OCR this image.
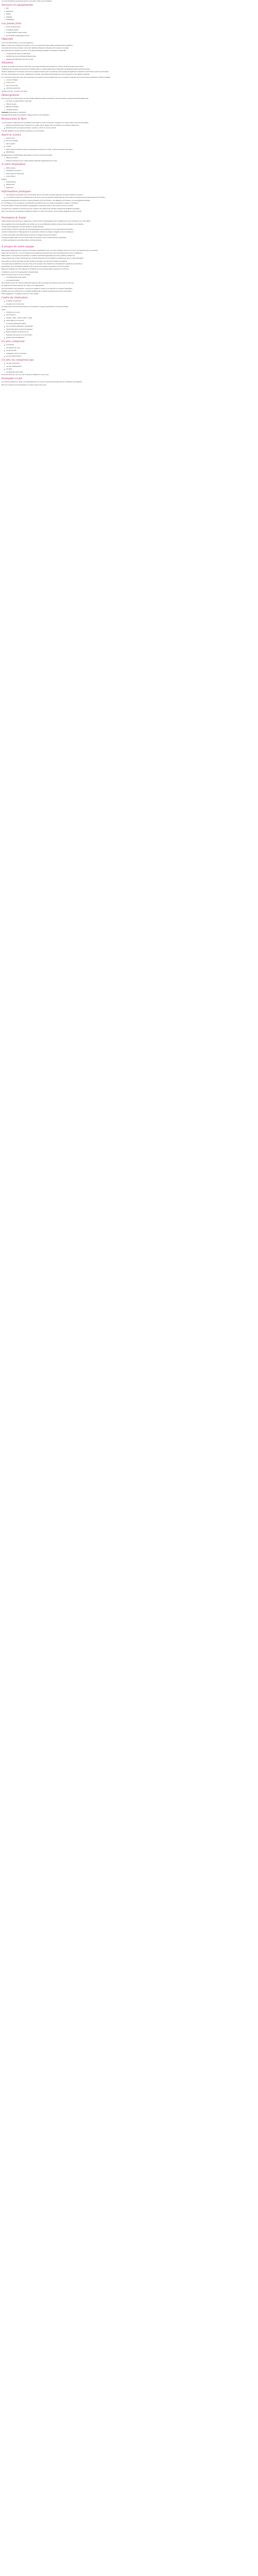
Ce cours fait partie du programme Lyceum. Ceci est le contenu pour formations.

Services et équipements
Wifi
Restaurant
Parking
Vestiaires
Climatisation
Les points forts
Cadre de travail serein
Formateurs experts
Groupes réduits en petit nombre
Documentation pédagogique remise
Objectifs

À la fin de cette formation, vous serez capable de :

Mettre en œuvre les compétences acquises au cours du module dans votre pratique professionnelle quotidienne.

Vous allez découvrir les principaux outils et les méthodes utilisées en entreprise afin de réussir vos projets.

Nous apprendrons ensemble à structurer votre démarche étape par étape et à anticiper les difficultés.

Comprendre les enjeux du sujet traité
Identifier les bonnes pratiques professionnelles
Appliquer les méthodes à des cas concrets
Situation

Le centre de formation est situé au centre-ville, à proximité immédiate des transports en commun et des principaux axes routiers.

Le bâtiment est accessible aux personnes à mobilité réduite. Un parking gratuit est à la disposition des stagiaires devant l'entrée principale.

Plusieurs restaurants et commerces se trouvent à quelques minutes à pied. Une salle de pause équipée est également à disposition durant toute la durée de la formation.

Pour plus d'informations sur l'accès, n'hésitez pas à contacter notre équipe administrative qui vous renseignera sur les meilleurs itinéraires.

En cas de besoin particulier, merci de nous prévenir au moment de votre inscription afin que nous puissions organiser votre accueil dans les meilleures conditions possibles.

Accès en tramway
Accès en bus
Gare à 10 minutes
Autoroute à proximité

Horaires d'accueil : du lundi au vendredi.

Hébergement

Nous pouvons vous communiquer une liste d'hôtels partenaires situés à proximité du lieu de formation, proposant des tarifs préférentiels.

Sur Ruthy, en partenariat au centre-ville
Hôtel de la gare
Résidence hôtelière
Chambres d'hôtes

Chambres disponibles sur réservation.

Renseignements auprès du secrétariat : l'équipe se tient à votre disposition.

Restaurants & Bars

Le midi, plusieurs restaurants sont accessibles à pied depuis le centre de formation, proposant une cuisine variée à des prix raisonnables.

Restaurant traditionnel avec formule du jour, entrée, plat et dessert, dans une ambiance conviviale et chaleureuse
Brasserie proche de la place principale, ouverte en continu du lundi au samedi

Une liste détaillée vous sera remise au premier jour de la formation.

Sport & Loisirs
Salle de sport
Piscine municipale
Parc et jardins
Cinéma
Randonnées et activités de plein air proposées aux alentours du centre, à découvrir pendant votre séjour
Médiathèque

Renseignements complémentaires disponibles à l'accueil du centre de formation.

Office de tourisme
Musées et patrimoine local, visites guidées organisées régulièrement par la ville
À votre disposition
Salle de pause
Distributeur de boissons
Photocopieur et imprimante
Accès internet

Matériel

Vidéoprojecteur
Tableau blanc
Paperboard
Informations pratiques
Les horaires de la formation sont communiqués dans la convocation envoyée quelques jours avant le début de la session.
La formation se déroule en présentiel, dans nos locaux, avec des groupes de petite taille afin de favoriser les échanges entre les participants et le formateur.

Les supports pédagogiques sont remis à chaque participant en fin de formation. Une attestation de formation vous sera également délivrée.

En cas d'absence, merci de prévenir le secrétariat au plus tôt afin que nous puissions réorganiser la session si nécessaire.

Pour toute question d'ordre administratif ou pédagogique, notre équipe reste à votre écoute du lundi au vendredi.

Les personnes en situation de handicap peuvent contacter notre référent afin d'étudier ensemble les adaptations possibles.

Nous vous remercions de respecter le règlement intérieur du centre de formation, remis à chaque stagiaire lors de son arrivée.

Formation & Santé

Cette formation peut être prise en charge dans le cadre du plan de développement des compétences de votre entreprise ou par votre OPCO.

Nos conseillers sont à votre disposition pour étudier avec vous les différentes solutions de financement adaptées à votre situation.

Un devis personnalisé peut vous être adressé sur simple demande.

Le tarif indiqué comprend l'ensemble des frais pédagogiques et les supports de cours remis pendant la formation.

Les frais de déplacement, d'hébergement et de restauration restent à la charge du stagiaire ou de son employeur.

Le centre de formation est certifié Qualiopi au titre de la catégorie actions de formation.

Inscription possible jusqu'à 15 jours avant le début de la session, dans la limite des places disponibles.

Conditions générales de vente disponibles sur simple demande.

À propos de notre équipe

Notre équipe pédagogique est composée de formateurs expérimentés, issus du monde professionnel et reconnus pour leur expertise dans leur domaine.

Depuis plus de quinze ans, nous accompagnons les entreprises et les particuliers dans le développement de leurs compétences.

Notre objectif : vous proposer des formations concrètes, directement applicables dans votre quotidien professionnel.

Chaque session est l'occasion d'échanger avec d'autres professionnels et de partager vos expériences dans un cadre bienveillant.

Nous restons à votre écoute avant, pendant et après la formation pour répondre à toutes vos questions.

Un questionnaire de satisfaction vous sera remis en fin de session afin d'améliorer continuellement la qualité de nos formations.

Nos résultats : 98 % de stagiaires satisfaits et 95 % de taux de réussite aux évaluations de fin de formation.

Retrouvez l'ensemble de notre catalogue de formations et nos prochaines dates de sessions sur notre site.

Contactez-nous pour tout renseignement complémentaire.

Notre accueil est ouvert du lundi au vendredi.

Accompagnement personnalisé
Suivi après formation

Nous travaillons avec de nombreux partenaires régionaux afin de proposer des sessions au plus près de chez vous.

Les dates des prochaines sessions sont mises à jour régulièrement.

Pour les formations intra-entreprise, nous pouvons adapter le contenu et le calendrier à vos besoins spécifiques.

N'hésitez pas à nous solliciter pour un entretien préalable afin de définir ensemble votre parcours de formation.

Notre engagement : la qualité au service de votre réussite.

Cadre de réalisation
Formation en présentiel
Groupe de 4 à 12 personnes

Les dates et lieux des prochaines sessions sont indiqués sur la page de présentation de chaque formation.

Durée

Formation sur 2 jours
Soit 14 heures
Horaires : 9h00 – 12h30 / 13h30 – 17h00
Pause déjeuner d'une heure
Accueil des participants à 8h45
Tour de table et présentation des objectifs
Apports théoriques et exercices pratiques
Mises en situation et études de cas
Évaluation des acquis en fin de formation
Questionnaire de satisfaction
Ce prix comprend
La formation
Les supports de cours
Les pauses café
L'attestation de fin de formation
Le suivi après formation
Ce prix ne comprend pas
Les frais de transport
Les frais d'hébergement
Les repas
Les dépenses personnelles

Pour toute demande, merci de nous contacter par téléphone ou par e-mail.

Formalité Covid

Les mesures sanitaires en vigueur sont appliquées dans nos locaux. Du gel hydroalcoolique est mis à disposition des stagiaires.

Merci de consulter les recommandations en vigueur avant votre venue.
